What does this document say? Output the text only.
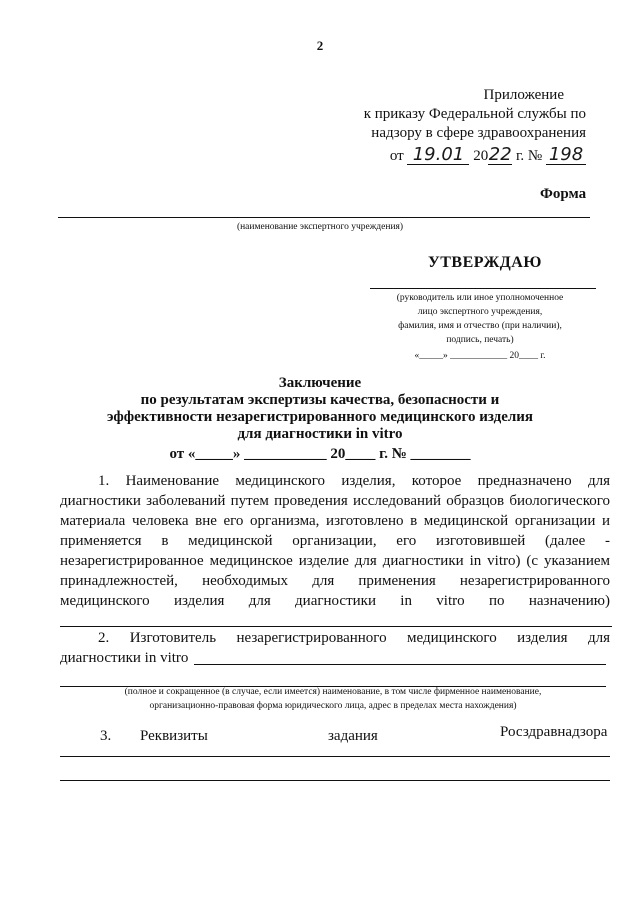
2
Приложение
к приказу Федеральной службы по
надзору в сфере здравоохранения
от 19.01 2022 г. № 198
Форма
(наименование экспертного учреждения)
УТВЕРЖДАЮ
(руководитель или иное уполномоченное
лицо экспертного учреждения,
фамилия, имя и отчество (при наличии),
подпись, печать)
«_____» ____________ 20____ г.
Заключение
по результатам экспертизы качества, безопасности и
эффективности незарегистрированного медицинского изделия
для диагностики in vitro
от «_____» ___________ 20____ г. № ________
1. Наименование медицинского изделия, которое предназначено для
диагностики заболеваний путем проведения исследований образцов биологического
материала человека вне его организма, изготовлено в медицинской организации и
применяется в медицинской организации, его изготовившей (далее -
незарегистрированное медицинское изделие для диагностики in vitro) (с указанием
принадлежностей, необходимых для применения незарегистрированного
медицинского изделия для диагностики in vitro по назначению)
2. Изготовитель незарегистрированного медицинского изделия для
диагностики in vitro
(полное и сокращенное (в случае, если имеется) наименование, в том числе фирменное наименование,
организационно-правовая форма юридического лица, адрес в пределах места нахождения)
3. Реквизиты	задания	Росздравнадзора
